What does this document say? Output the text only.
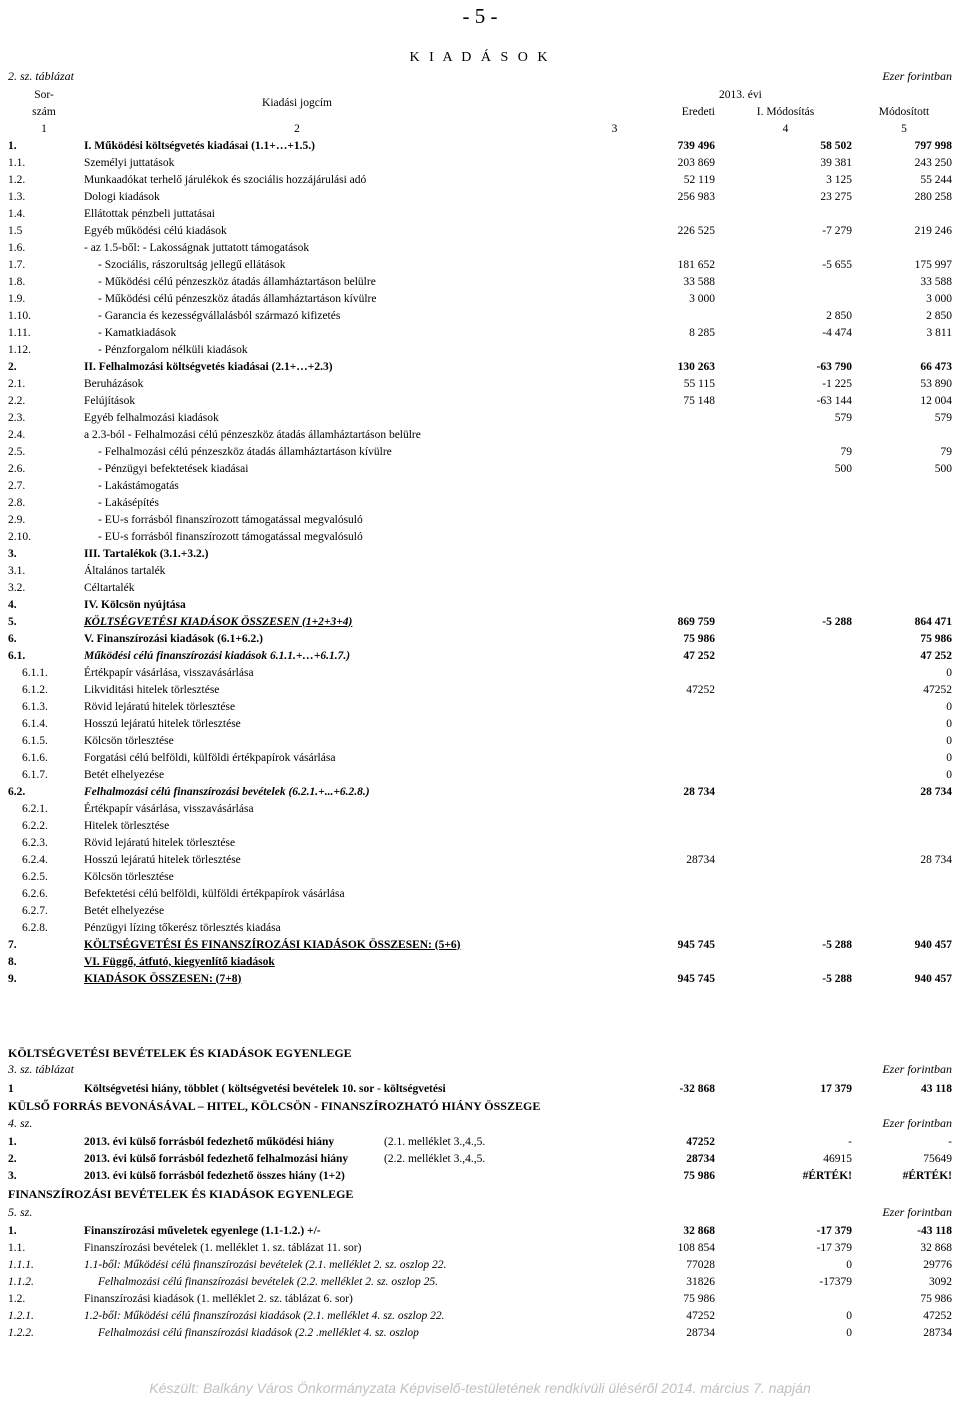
- 5 -
K I A D Á S O K
2. sz. táblázat	Ezer forintban
Sor-	Kiadási jogcím		2013. évi	
szám		Eredeti	I. Módosítás	Módosított
1	2	3	4	5
1.	I. Működési költségvetés kiadásai (1.1+…+1.5.)	739 496	58 502	797 998
1.1.	Személyi juttatások	203 869	39 381	243 250
1.2.	Munkaadókat terhelő járulékok és szociális hozzájárulási adó	52 119	3 125	55 244
1.3.	Dologi kiadások	256 983	23 275	280 258
1.4.	Ellátottak pénzbeli juttatásai			
1.5	Egyéb működési célú kiadások	226 525	-7 279	219 246
1.6.	- az 1.5-ből: - Lakosságnak juttatott támogatások			
1.7.	- Szociális, rászorultság jellegű ellátások	181 652	-5 655	175 997
1.8.	- Működési célú pénzeszköz átadás államháztartáson belülre	33 588		33 588
1.9.	- Működési célú pénzeszköz átadás államháztartáson kívülre	3 000		3 000
1.10.	- Garancia és kezességvállalásból származó kifizetés		2 850	2 850
1.11.	- Kamatkiadások	8 285	-4 474	3 811
1.12.	- Pénzforgalom nélküli kiadások			
2.	II. Felhalmozási költségvetés kiadásai (2.1+…+2.3)	130 263	-63 790	66 473
2.1.	Beruházások	55 115	-1 225	53 890
2.2.	Felújítások	75 148	-63 144	12 004
2.3.	Egyéb felhalmozási kiadások		579	579
2.4.	a 2.3-ból - Felhalmozási célú pénzeszköz átadás államháztartáson belülre			
2.5.	- Felhalmozási célú pénzeszköz átadás államháztartáson kívülre		79	79
2.6.	- Pénzügyi befektetések kiadásai		500	500
2.7.	- Lakástámogatás			
2.8.	- Lakásépítés			
2.9.	- EU-s forrásból finanszírozott támogatással megvalósuló			
2.10.	- EU-s forrásból finanszírozott támogatással megvalósuló			
3.	III. Tartalékok (3.1.+3.2.)			
3.1.	Általános tartalék			
3.2.	Céltartalék			
4.	IV. Kölcsön nyújtása			
5.	KÖLTSÉGVETÉSI KIADÁSOK ÖSSZESEN (1+2+3+4)	869 759	-5 288	864 471
6.	V. Finanszírozási kiadások (6.1+6.2.)	75 986		75 986
6.1.	Működési célú finanszírozási kiadások 6.1.1.+…+6.1.7.)	47 252		47 252
6.1.1.	Értékpapír vásárlása, visszavásárlása			0
6.1.2.	Likviditási hitelek törlesztése	47252		47252
6.1.3.	Rövid lejáratú hitelek törlesztése			0
6.1.4.	Hosszú lejáratú hitelek törlesztése			0
6.1.5.	Kölcsön törlesztése			0
6.1.6.	Forgatási célú belföldi, külföldi értékpapírok vásárlása			0
6.1.7.	Betét elhelyezése			0
6.2.	Felhalmozási célú finanszírozási bevételek (6.2.1.+...+6.2.8.)	28 734		28 734
6.2.1.	Értékpapír vásárlása, visszavásárlása			
6.2.2.	Hitelek törlesztése			
6.2.3.	Rövid lejáratú hitelek törlesztése			
6.2.4.	Hosszú lejáratú hitelek törlesztése	28734		28 734
6.2.5.	Kölcsön törlesztése			
6.2.6.	Befektetési célú belföldi, külföldi értékpapírok vásárlása			
6.2.7.	Betét elhelyezése			
6.2.8.	Pénzügyi lízing tőkerész törlesztés kiadása			
7.	KÖLTSÉGVETÉSI ÉS FINANSZÍROZÁSI KIADÁSOK ÖSSZESEN: (5+6)	945 745	-5 288	940 457
8.	VI. Függő, átfutó, kiegyenlítő kiadások			
9.	KIADÁSOK ÖSSZESEN: (7+8)	945 745	-5 288	940 457
KÖLTSÉGVETÉSI BEVÉTELEK ÉS KIADÁSOK EGYENLEGE
3. sz. táblázat	Ezer forintban
1	Költségvetési hiány, többlet ( költségvetési bevételek 10. sor - költségvetési	-32 868	17 379	43 118
KÜLSŐ FORRÁS BEVONÁSÁVAL – HITEL, KÖLCSÖN - FINANSZÍROZHATÓ HIÁNY ÖSSZEGE
4. sz.	Ezer forintban
1.	2013. évi külső forrásból fedezhető működési hiány	(2.1. melléklet 3.,4.,5.	47252	-	-
2.	2013. évi külső forrásból fedezhető felhalmozási hiány	(2.2. melléklet 3.,4.,5.	28734	46915	75649
3.	2013. évi külső forrásból fedezhető összes hiány (1+2)		75 986	#ÉRTÉK!	#ÉRTÉK!
FINANSZÍROZÁSI BEVÉTELEK ÉS KIADÁSOK EGYENLEGE
5. sz.	Ezer forintban
1.	Finanszírozási műveletek egyenlege (1.1-1.2.) +/-	32 868	-17 379	-43 118
1.1.	Finanszírozási bevételek (1. melléklet 1. sz. táblázat 11. sor)	108 854	-17 379	32 868
1.1.1.	1.1-ből: Működési célú finanszírozási bevételek (2.1. melléklet 2. sz. oszlop 22.	77028	0	29776
1.1.2.	Felhalmozási célú finanszírozási bevételek (2.2. melléklet 2. sz. oszlop 25.	31826	-17379	3092
1.2.	Finanszírozási kiadások (1. melléklet 2. sz. táblázat 6. sor)	75 986		75 986
1.2.1.	1.2-ből: Működési célú finanszírozási kiadások (2.1. melléklet 4. sz. oszlop 22.	47252	0	47252
1.2.2.	Felhalmozási célú finanszírozási kiadások (2.2 .melléklet 4. sz. oszlop	28734	0	28734
Készült: Balkány Város Önkormányzata Képviselő-testületének rendkívüli üléséről 2014. március 7. napján
